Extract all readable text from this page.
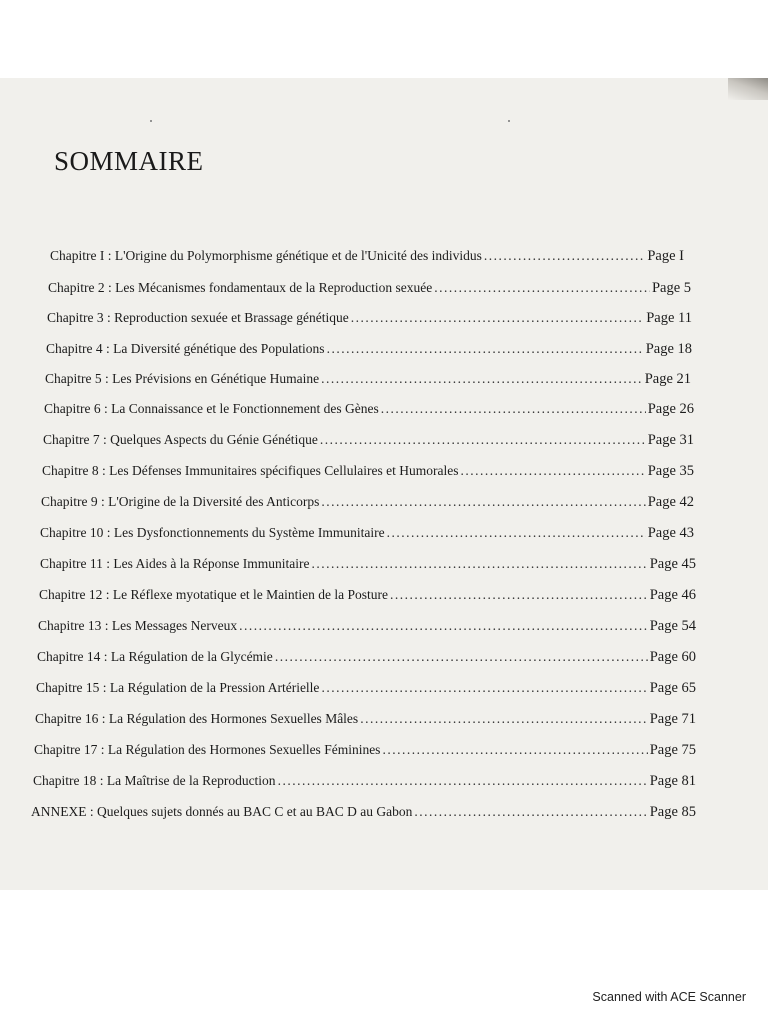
SOMMAIRE
Chapitre I : L'Origine du Polymorphisme génétique et de l'Unicité des individus .....	Page I
Chapitre 2 : Les Mécanismes fondamentaux de la Reproduction sexuée .....	Page 5
Chapitre 3 : Reproduction sexuée et Brassage génétique .....	Page 11
Chapitre 4 : La Diversité génétique des Populations .....	Page 18
Chapitre 5 : Les Prévisions en Génétique Humaine .....	Page 21
Chapitre 6 : La Connaissance et le Fonctionnement des Gènes .....	Page 26
Chapitre 7 : Quelques Aspects du Génie Génétique .....	Page 31
Chapitre 8 : Les Défenses Immunitaires spécifiques Cellulaires et Humorales .....	Page 35
Chapitre 9 : L'Origine de la Diversité des Anticorps .....	Page 42
Chapitre 10 : Les Dysfonctionnements du Système Immunitaire .....	Page 43
Chapitre 11 : Les Aides à la Réponse Immunitaire .....	Page 45
Chapitre 12 : Le Réflexe myotatique et le Maintien de la Posture .....	Page 46
Chapitre 13 : Les Messages Nerveux .....	Page 54
Chapitre 14 : La Régulation de la Glycémie .....	Page 60
Chapitre 15 : La Régulation de la Pression Artérielle .....	Page 65
Chapitre 16 : La Régulation des Hormones Sexuelles Mâles .....	Page 71
Chapitre 17 : La Régulation des Hormones Sexuelles Féminines .....	Page 75
Chapitre 18 : La Maîtrise de la Reproduction .....	Page 81
ANNEXE : Quelques sujets donnés au BAC C et au BAC D au Gabon .....	Page 85
Scanned with ACE Scanner
